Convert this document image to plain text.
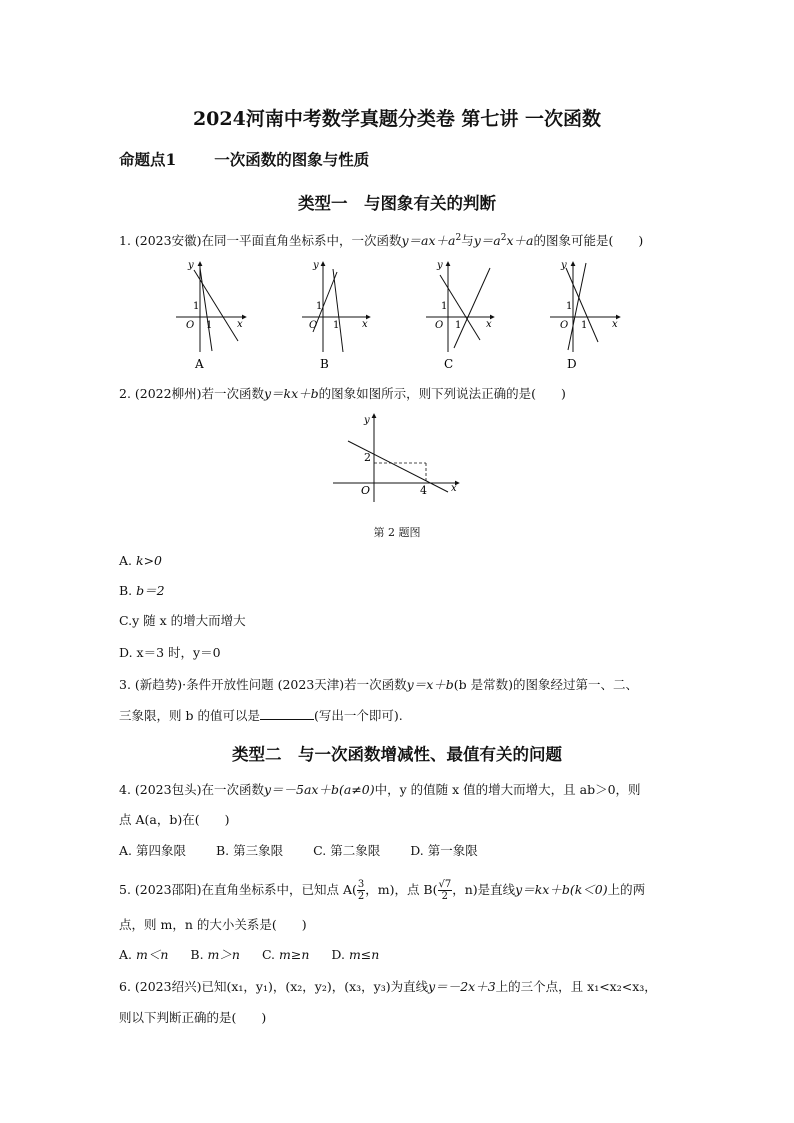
2024河南中考数学真题分类卷 第七讲 一次函数
命题点1 一次函数的图象与性质
类型一　与图象有关的判断
1. (2023安徽)在同一平面直角坐标系中，一次函数$y=ax+a^2$与$y=a^2x+a$的图象可能是(　　)
x
y
O
1
1
A
x
y
O
1
1
B
x
y
O
1
1
C
x
y
O
1
1
D
2. (2022柳州)若一次函数y＝kx＋b的图象如图所示，则下列说法正确的是(　　)
x
y
O
2
4
第 2 题图
A. k>0
B. b＝2
C.y 随 x 的增大而增大
D. x＝3 时，y＝0
3. (新趋势)·条件开放性问题 (2023天津)若一次函数y＝x＋b(b 是常数)的图象经过第一、二、
三象限，则 b 的值可以是	(写出一个即可).
类型二　与一次函数增减性、最值有关的问题
4. (2023包头)在一次函数y＝－5ax＋b(a≠0)中，y 的值随 x 值的增大而增大，且 ab＞0，则
点 A(a，b)在(　　)
A. 第四象限 B. 第三象限 C. 第二象限 D. 第一象限
5. (2023邵阳)在直角坐标系中，已知点 $A( \frac{3}{2}$ ，m)，点 $B( \frac{√7}{2}$ ，n)是直线y＝kx＋b(k＜0)上的两
点，则 m，n 的大小关系是(　　)
A. m＜n B. m＞n C. m≥n D. m≤n
6. (2023绍兴)已知(x₁，y₁)，(x₂，y₂)，(x₃，y₃)为直线y＝－2x＋3上的三个点，且 x₁<x₂<x₃，
则以下判断正确的是(　　)
